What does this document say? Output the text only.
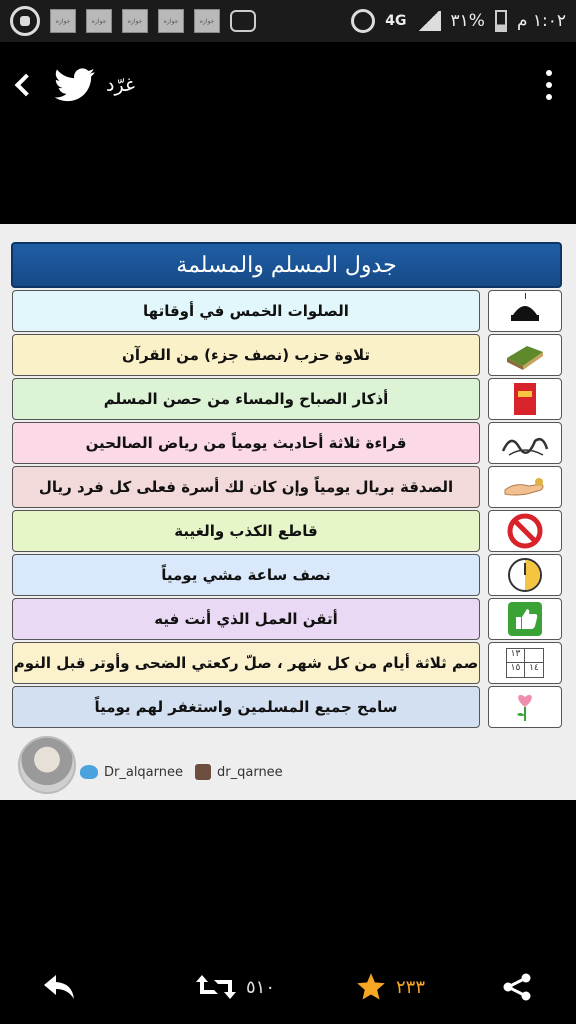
جوازه	جوازه	جوازه	جوازه	جوازه	4G	٣١% ١:٠٢ م
غرّد
جدول المسلم والمسلمة
الصلوات الخمس في أوقاتها
تلاوة حزب (نصف جزء) من القرآن
أذكار الصباح والمساء من حصن المسلم
قراءة ثلاثة أحاديث يومياً من رياض الصالحين
الصدقة بريال يومياً وإن كان لك أسرة فعلى كل فرد ريال
قاطع الكذب والغيبة
نصف ساعة مشي يومياً
أتقن العمل الذي أنت فيه
صم ثلاثة أيام من كل شهر ، صلّ ركعتي الضحى وأوتر قبل النوم	١٣
١٥ ١٤
سامح جميع المسلمين واستغفر لهم يومياً
Dr_alqarnee	dr_qarnee
٥١٠	٢٣٣
